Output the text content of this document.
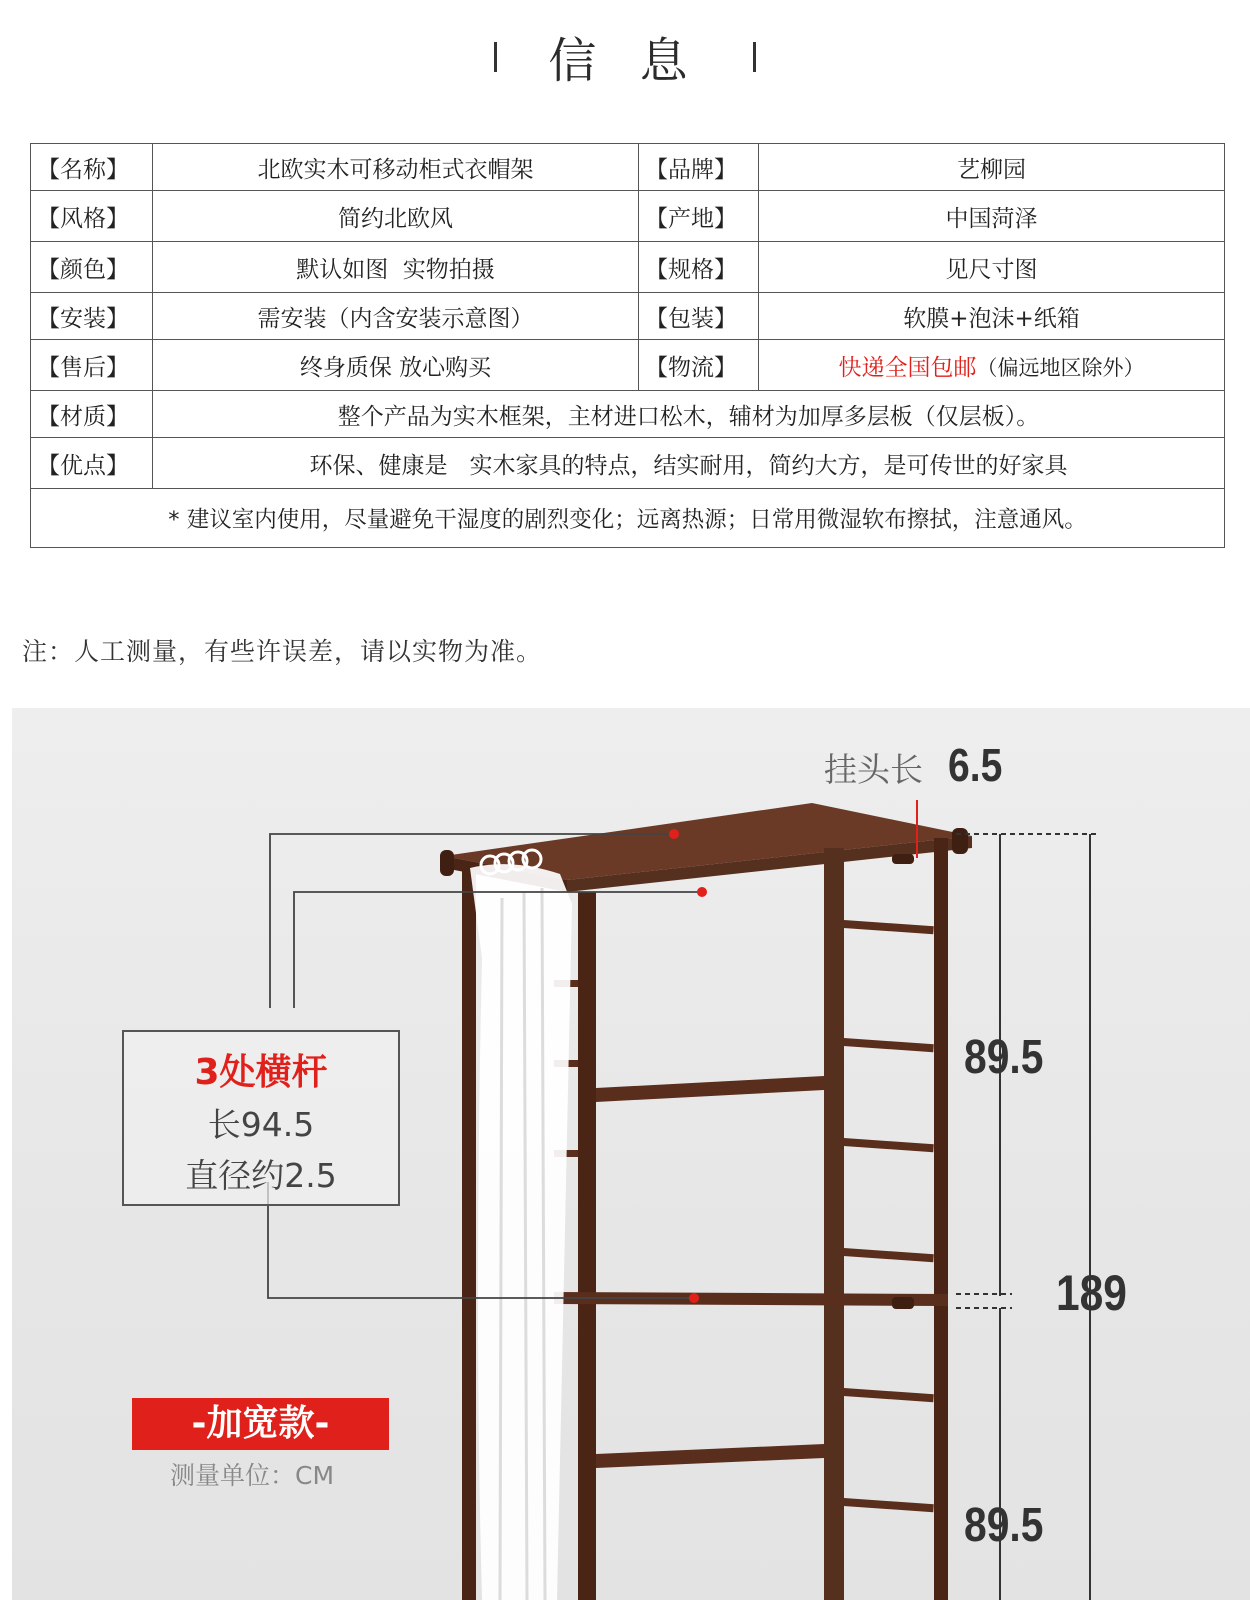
信 息
【名称】	北欧实木可移动柜式衣帽架	【品牌】	艺柳园
【风格】	简约北欧风	【产地】	中国菏泽
【颜色】	默认如图  实物拍摄	【规格】	见尺寸图
【安装】	需安装（内含安装示意图）	【包装】	软膜+泡沫+纸箱
【售后】	终身质保 放心购买	【物流】	快递全国包邮（偏远地区除外）
【材质】	整个产品为实木框架，主材进口松木，辅材为加厚多层板（仅层板）。		
【优点】	环保、健康是   实木家具的特点，结实耐用，简约大方，是可传世的好家具		
* 建议室内使用，尽量避免干湿度的剧烈变化；远离热源；日常用微湿软布擦拭，注意通风。			
注：人工测量，有些许误差，请以实物为准。
挂头长 6.5
89.5
189
89.5
3处横杆
长94.5
直径约2.5
-加宽款-
测量单位：CM
